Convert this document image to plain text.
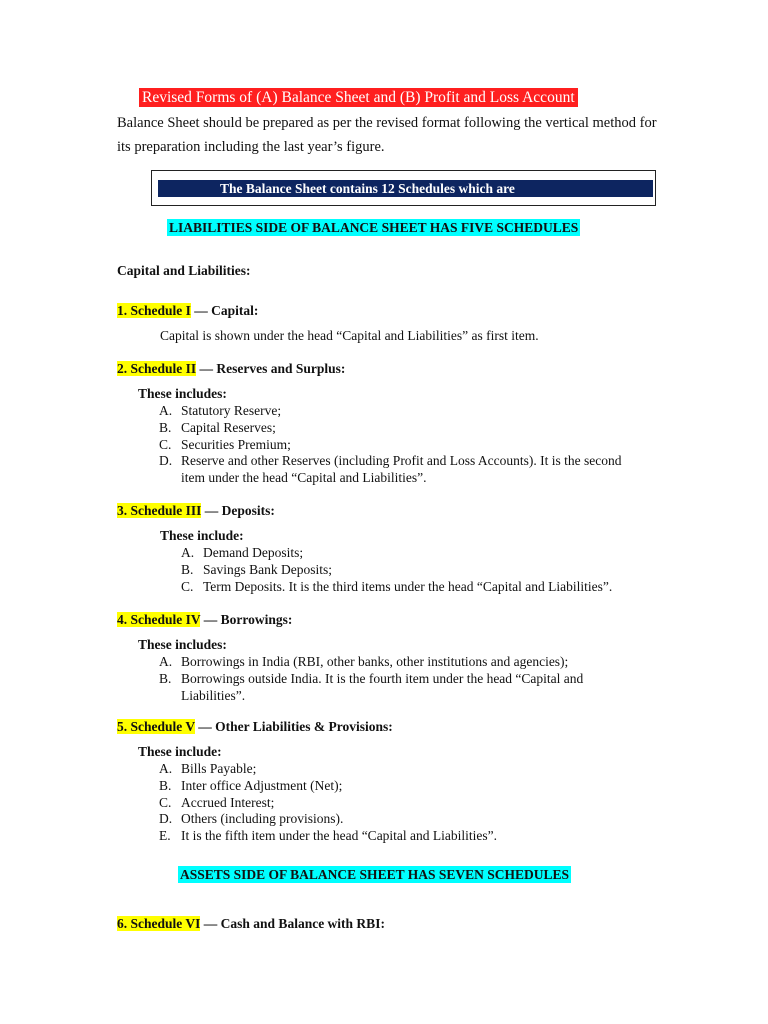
Revised Forms of (A) Balance Sheet and (B) Profit and Loss Account
Balance Sheet should be prepared as per the revised format following the vertical method for
its preparation including the last year’s figure.
The Balance Sheet contains 12 Schedules which are
LIABILITIES SIDE OF BALANCE SHEET HAS FIVE SCHEDULES
Capital and Liabilities:
1. Schedule I — Capital:
Capital is shown under the head “Capital and Liabilities” as first item.
2. Schedule II — Reserves and Surplus:
These includes:
A. Statutory Reserve;
B. Capital Reserves;
C. Securities Premium;
D. Reserve and other Reserves (including Profit and Loss Accounts). It is the second
item under the head “Capital and Liabilities”.
3. Schedule III — Deposits:
These include:
A. Demand Deposits;
B. Savings Bank Deposits;
C. Term Deposits. It is the third items under the head “Capital and Liabilities”.
4. Schedule IV — Borrowings:
These includes:
A. Borrowings in India (RBI, other banks, other institutions and agencies);
B. Borrowings outside India. It is the fourth item under the head “Capital and
Liabilities”.
5. Schedule V — Other Liabilities & Provisions:
These include:
A. Bills Payable;
B. Inter office Adjustment (Net);
C. Accrued Interest;
D. Others (including provisions).
E. It is the fifth item under the head “Capital and Liabilities”.
ASSETS SIDE OF BALANCE SHEET HAS SEVEN SCHEDULES
6. Schedule VI — Cash and Balance with RBI:
